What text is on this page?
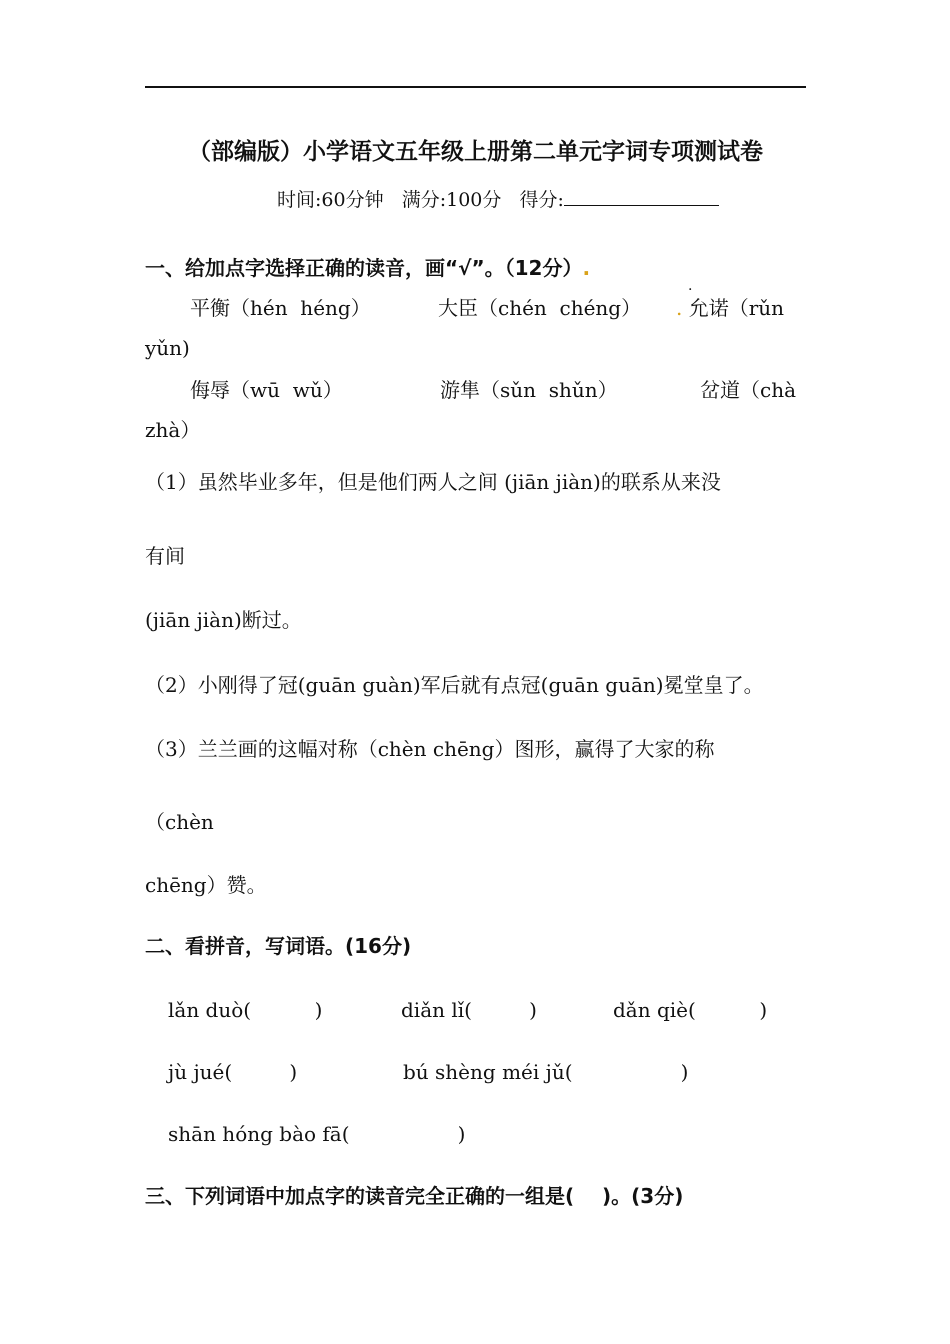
（部编版）小学语文五年级上册第二单元字词专项测试卷
时间:60分钟 满分:100分 得分:
一、给加点字选择正确的读音，画“√”。（12分）.
平衡（hén  héng）	大臣（chén  chéng）
.
. 允诺（rǔn
yǔn)
侮辱（wū  wǔ）	游隼（sǔn  shǔn）	岔道（chà
zhà）
（1）虽然毕业多年，但是他们两人之间 (jiān jiàn)的联系从来没
有间
(jiān jiàn)断过。
（2）小刚得了冠(guān guàn)军后就有点冠(guān guān)冕堂皇了。
（3）兰兰画的这幅对称（chèn chēng）图形，赢得了大家的称
（chèn
chēng）赞。
二、看拼音，写词语。(16分)
lǎn duò(          )	diǎn lǐ(         )	dǎn qiè(          )
jù jué(         )	bú shèng méi jǔ(                 )
shān hóng bào fā(                 )
三、下列词语中加点字的读音完全正确的一组是(    )。(3分)
